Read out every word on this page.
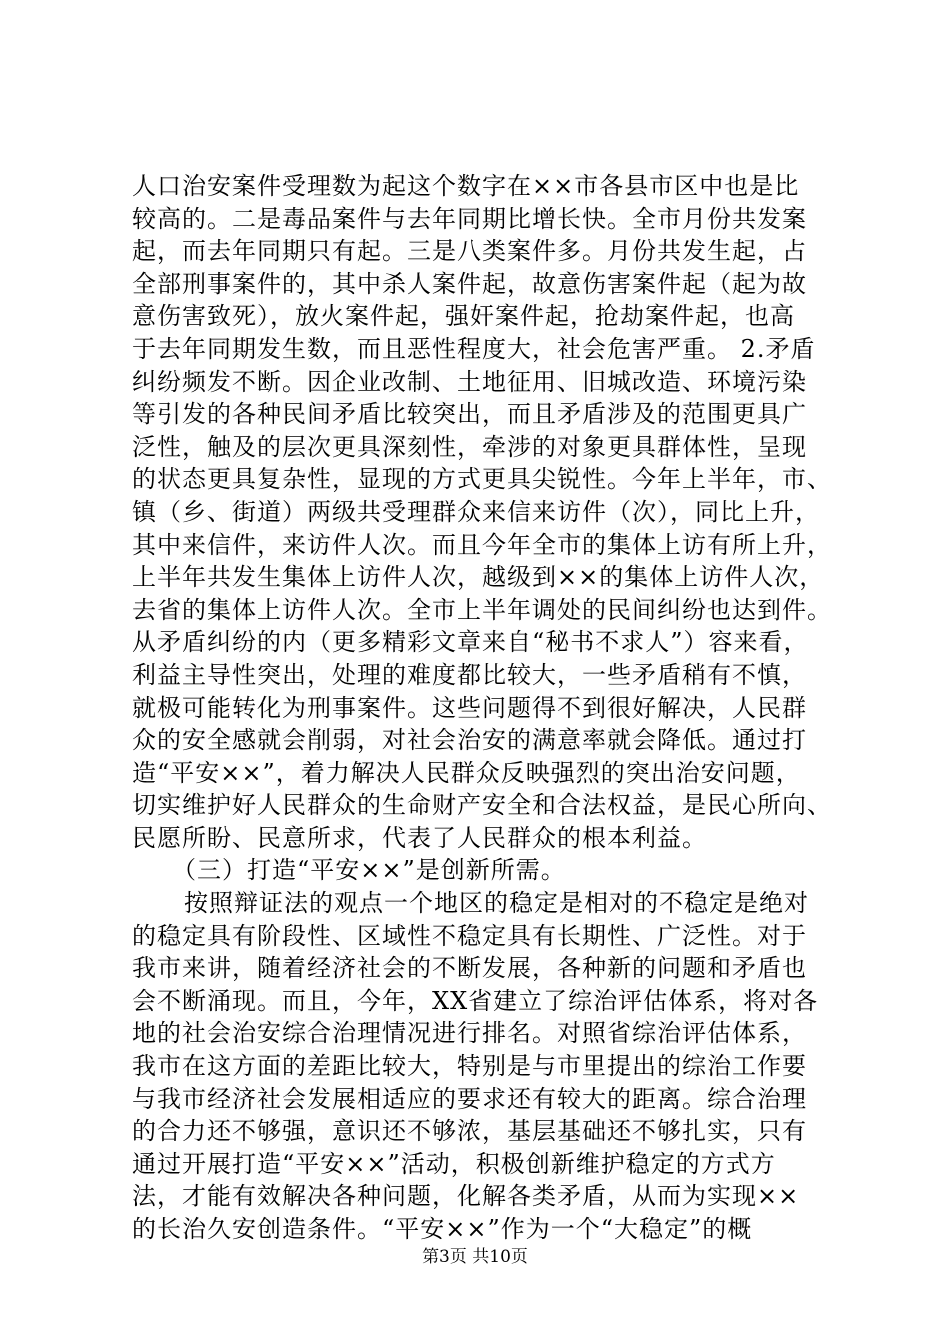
人口治安案件受理数为起这个数字在××市各县市区中也是比
较高的。二是毒品案件与去年同期比增长快。全市月份共发案
起，而去年同期只有起。三是八类案件多。月份共发生起，占
全部刑事案件的，其中杀人案件起，故意伤害案件起（起为故
意伤害致死），放火案件起，强奸案件起，抢劫案件起，也高
于去年同期发生数，而且恶性程度大，社会危害严重。 2.矛盾
纠纷频发不断。因企业改制、土地征用、旧城改造、环境污染
等引发的各种民间矛盾比较突出，而且矛盾涉及的范围更具广
泛性，触及的层次更具深刻性，牵涉的对象更具群体性，呈现
的状态更具复杂性，显现的方式更具尖锐性。今年上半年，市、
镇（乡、街道）两级共受理群众来信来访件（次），同比上升，
其中来信件，来访件人次。而且今年全市的集体上访有所上升，
上半年共发生集体上访件人次，越级到××的集体上访件人次，
去省的集体上访件人次。全市上半年调处的民间纠纷也达到件。
从矛盾纠纷的内（更多精彩文章来自“秘书不求人”）容来看，
利益主导性突出，处理的难度都比较大，一些矛盾稍有不慎，
就极可能转化为刑事案件。这些问题得不到很好解决，人民群
众的安全感就会削弱，对社会治安的满意率就会降低。通过打
造“平安××”，着力解决人民群众反映强烈的突出治安问题，
切实维护好人民群众的生命财产安全和合法权益，是民心所向、
民愿所盼、民意所求，代表了人民群众的根本利益。
（三）打造“平安××”是创新所需。
按照辩证法的观点一个地区的稳定是相对的不稳定是绝对
的稳定具有阶段性、区域性不稳定具有长期性、广泛性。对于
我市来讲，随着经济社会的不断发展，各种新的问题和矛盾也
会不断涌现。而且，今年，XX省建立了综治评估体系，将对各
地的社会治安综合治理情况进行排名。对照省综治评估体系，
我市在这方面的差距比较大，特别是与市里提出的综治工作要
与我市经济社会发展相适应的要求还有较大的距离。综合治理
的合力还不够强，意识还不够浓，基层基础还不够扎实，只有
通过开展打造“平安××”活动，积极创新维护稳定的方式方
法，才能有效解决各种问题，化解各类矛盾，从而为实现××
的长治久安创造条件。“平安××”作为一个“大稳定”的概
第3页 共10页
